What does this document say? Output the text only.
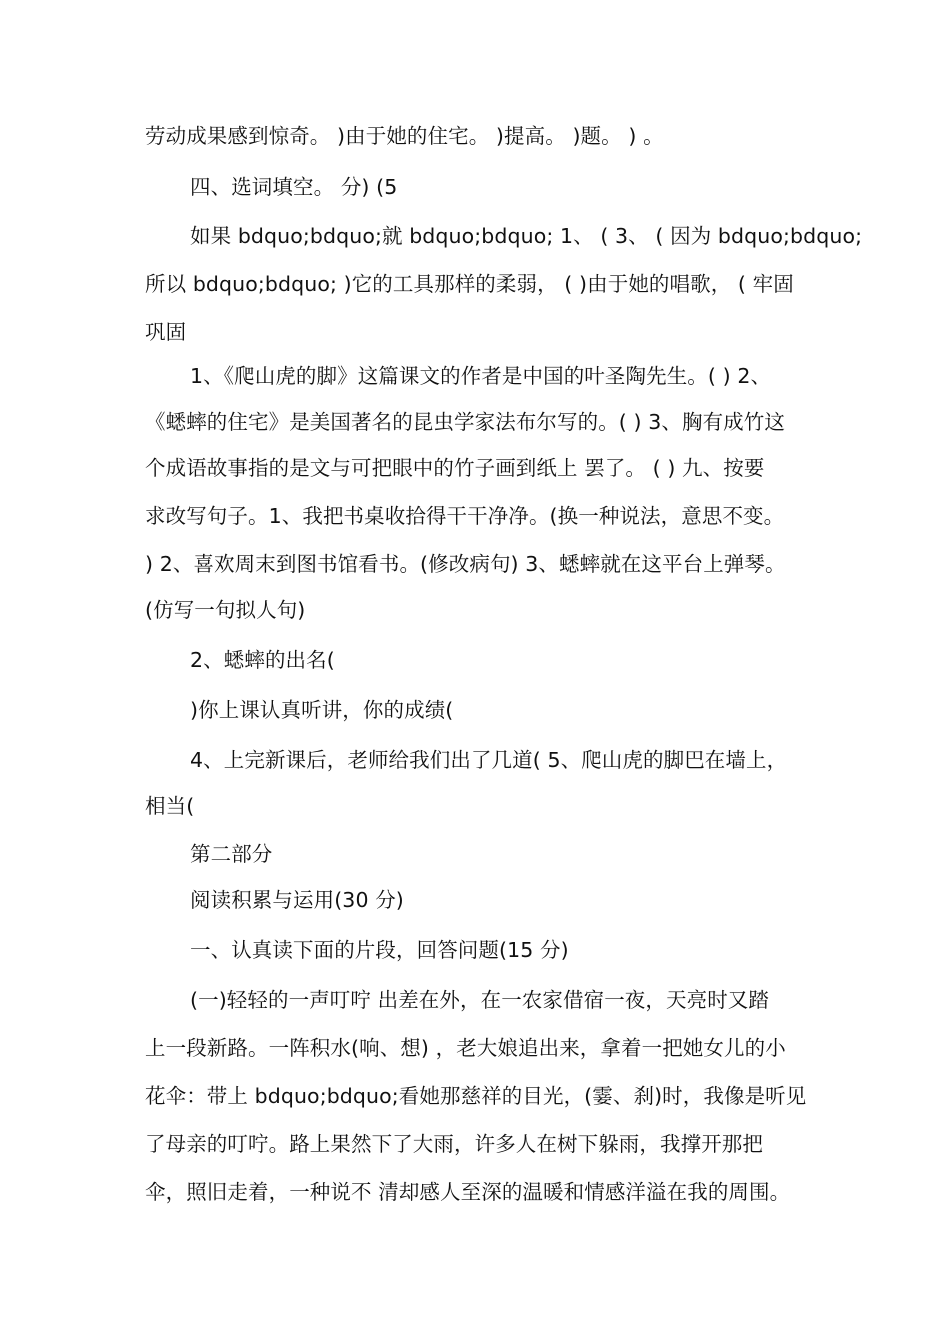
劳动成果感到惊奇。 )由于她的住宅。 )提高。 )题。 ) 。
四、选词填空。 分) (5
如果 bdquo;bdquo;就 bdquo;bdquo; 1、 ( 3、 ( 因为 bdquo;bdquo;
所以 bdquo;bdquo; )它的工具那样的柔弱， ( )由于她的唱歌， ( 牢固
巩固
1、《爬山虎的脚》这篇课文的作者是中国的叶圣陶先生。( ) 2、
《蟋蟀的住宅》是美国著名的昆虫学家法布尔写的。( ) 3、胸有成竹这
个成语故事指的是文与可把眼中的竹子画到纸上 罢了。 ( ) 九、按要
求改写句子。1、我把书桌收拾得干干净净。(换一种说法，意思不变。
) 2、喜欢周末到图书馆看书。(修改病句) 3、蟋蟀就在这平台上弹琴。
(仿写一句拟人句)
2、蟋蟀的出名(
)你上课认真听讲，你的成绩(
4、上完新课后，老师给我们出了几道( 5、爬山虎的脚巴在墙上，
相当(
第二部分
阅读积累与运用(30 分)
一、认真读下面的片段，回答问题(15 分)
(一)轻轻的一声叮咛 出差在外，在一农家借宿一夜，天亮时又踏
上一段新路。一阵积水(响、想) ，老大娘追出来，拿着一把她女儿的小
花伞：带上 bdquo;bdquo;看她那慈祥的目光，(霎、刹)时，我像是听见
了母亲的叮咛。路上果然下了大雨，许多人在树下躲雨，我撑开那把
伞，照旧走着，一种说不 清却感人至深的温暖和情感洋溢在我的周围。
